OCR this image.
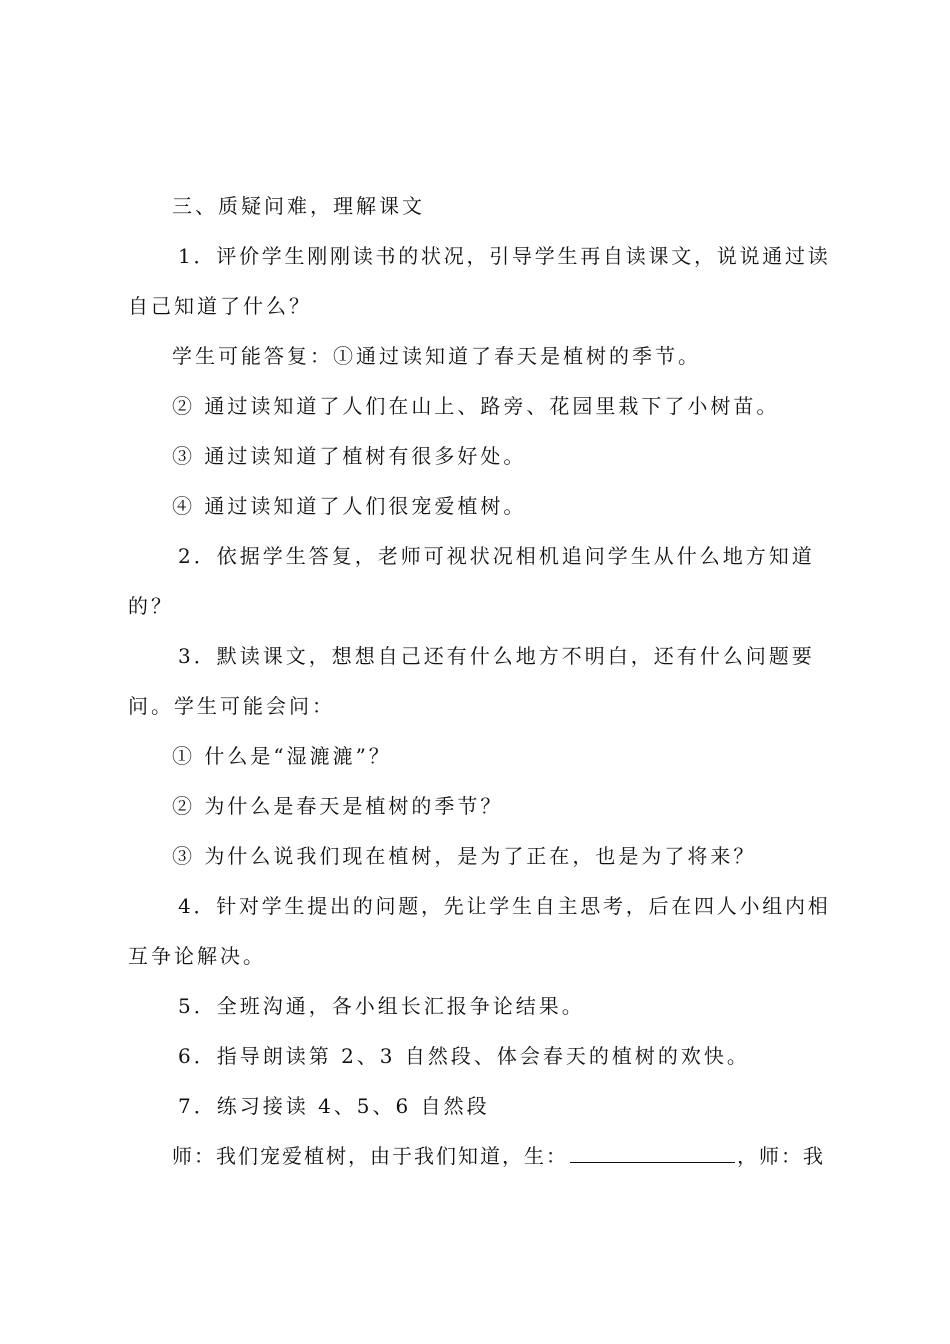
三、质疑问难，理解课文
1．评价学生刚刚读书的状况，引导学生再自读课文，说说通过读
自己知道了什么？
学生可能答复：①通过读知道了春天是植树的季节。
② 通过读知道了人们在山上、路旁、花园里栽下了小树苗。
③ 通过读知道了植树有很多好处。
④ 通过读知道了人们很宠爱植树。
2．依据学生答复，老师可视状况相机追问学生从什么地方知道
的？
3．默读课文，想想自己还有什么地方不明白，还有什么问题要
问。学生可能会问：
① 什么是“湿漉漉”？
② 为什么是春天是植树的季节？
③ 为什么说我们现在植树，是为了正在，也是为了将来？
4．针对学生提出的问题，先让学生自主思考，后在四人小组内相
互争论解决。
5．全班沟通，各小组长汇报争论结果。
6．指导朗读第 2、3 自然段、体会春天的植树的欢快。
7．练习接读 4、5、6 自然段
师：我们宠爱植树，由于我们知道，生：	，师：我
